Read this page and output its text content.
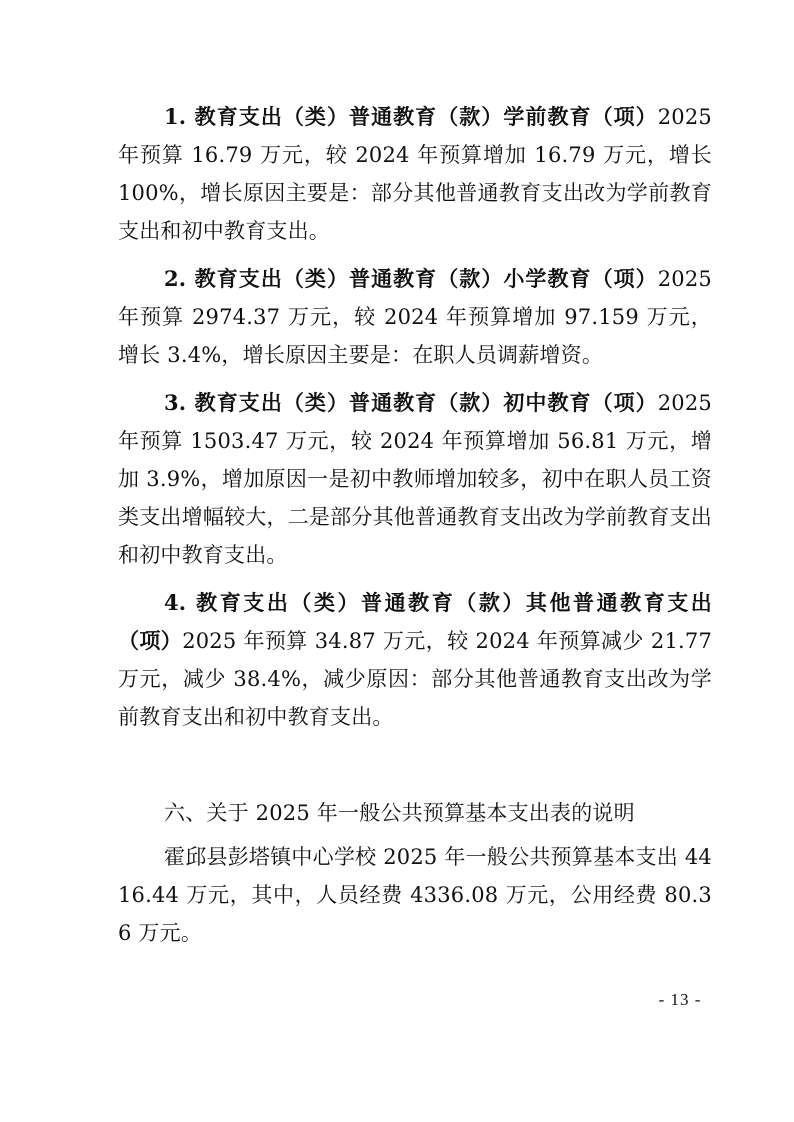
1. 教育支出（类）普通教育（款）学前教育（项）2025 年预算 16.79 万元，较 2024 年预算增加 16.79 万元，增长 100%，增长原因主要是：部分其他普通教育支出改为学前教育支出和初中教育支出。

2. 教育支出（类）普通教育（款）小学教育（项）2025 年预算 2974.37 万元，较 2024 年预算增加 97.159 万元，增长 3.4%，增长原因主要是：在职人员调薪增资。

3. 教育支出（类）普通教育（款）初中教育（项）2025 年预算 1503.47 万元，较 2024 年预算增加 56.81 万元，增加 3.9%，增加原因一是初中教师增加较多，初中在职人员工资类支出增幅较大，二是部分其他普通教育支出改为学前教育支出和初中教育支出。

4. 教育支出（类）普通教育（款）其他普通教育支出（项）2025 年预算 34.87 万元，较 2024 年预算减少 21.77 万元，减少 38.4%，减少原因：部分其他普通教育支出改为学前教育支出和初中教育支出。

六、关于 2025 年一般公共预算基本支出表的说明

霍邱县彭塔镇中心学校 2025 年一般公共预算基本支出 4416.44 万元，其中，人员经费 4336.08 万元，公用经费 80.36 万元。

- 13 -
